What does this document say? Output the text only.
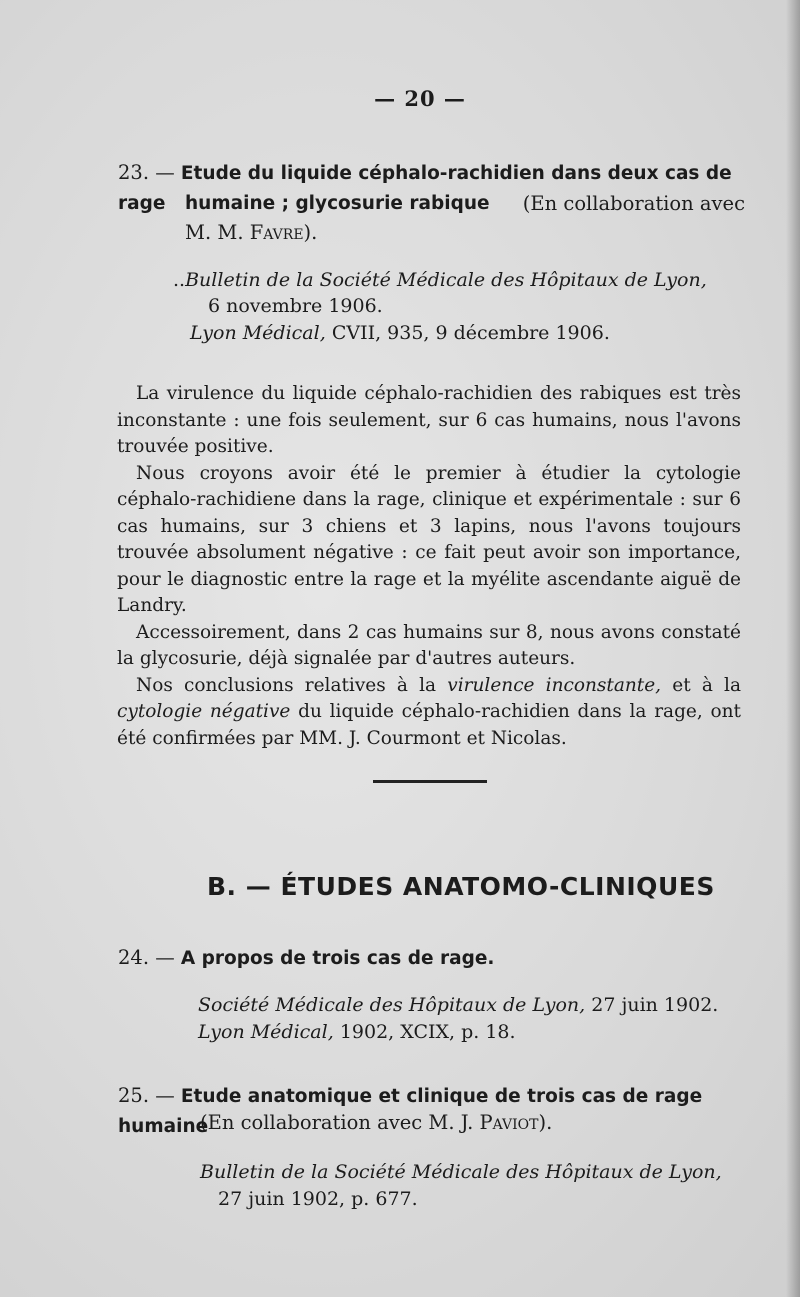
— 20 —
23. — Etude du liquide céphalo-rachidien dans deux cas de rage	humaine ; glycosurie rabique (En collaboration avec
M. M. Favre).
..Bulletin de la Société Médicale des Hôpitaux de Lyon,
6 novembre 1906.
Lyon Médical, CVII, 935, 9 décembre 1906.

La virulence du liquide céphalo-rachidien des rabiques est très inconstante : une fois seulement, sur 6 cas humains, nous l'avons trouvée positive.

Nous croyons avoir été le premier à étudier la cytologie céphalo-rachidiene dans la rage, clinique et expérimentale : sur 6 cas humains, sur 3 chiens et 3 lapins, nous l'avons toujours trouvée absolument négative : ce fait peut avoir son importance, pour le diagnostic entre la rage et la myélite ascendante aiguë de Landry.

Accessoirement, dans 2 cas humains sur 8, nous avons constaté la glycosurie, déjà signalée par d'autres auteurs.

Nos conclusions relatives à la virulence inconstante, et à la cytologie négative du liquide céphalo-rachidien dans la rage, ont été confirmées par MM. J. Courmont et Nicolas.

B. — ÉTUDES ANATOMO-CLINIQUES
24. — A propos de trois cas de rage.
Société Médicale des Hôpitaux de Lyon, 27 juin 1902.
Lyon Médical, 1902, XCIX, p. 18.
25. — Etude anatomique et clinique de trois cas de rage humaine
(En collaboration avec M. J. Paviot).
Bulletin de la Société Médicale des Hôpitaux de Lyon,
27 juin 1902, p. 677.
